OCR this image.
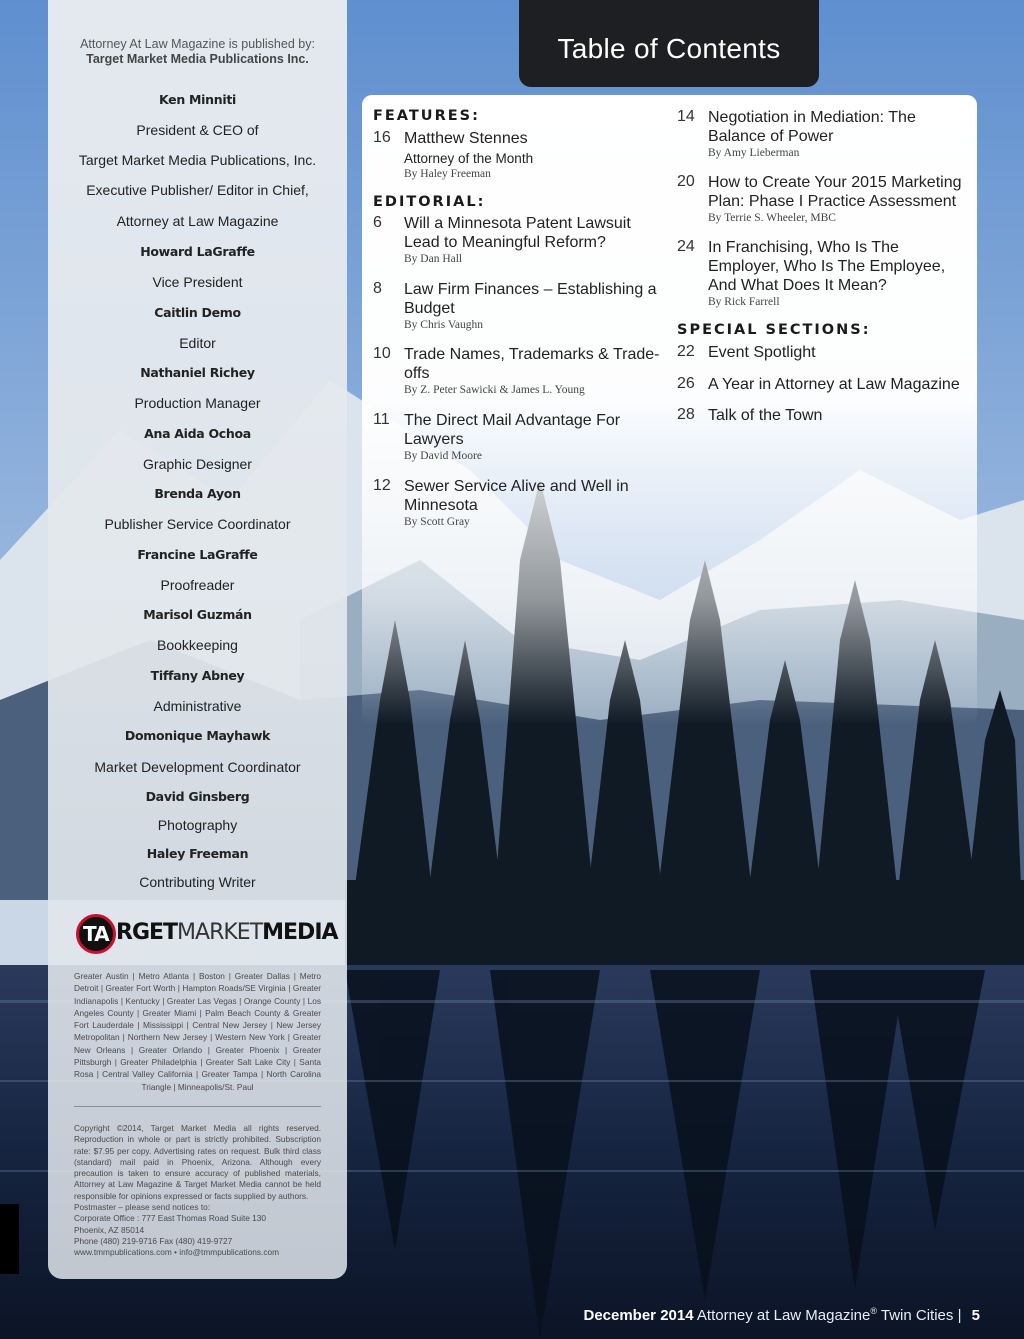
Attorney At Law Magazine is published by:
Target Market Media Publications Inc.
Ken Minniti
President & CEO of
Target Market Media Publications, Inc.
Executive Publisher/ Editor in Chief,
Attorney at Law Magazine
Howard LaGraffe
Vice President
Caitlin Demo
Editor
Nathaniel Richey
Production Manager
Ana Aida Ochoa
Graphic Designer
Brenda Ayon
Publisher Service Coordinator
Francine LaGraffe
Proofreader
Marisol Guzmán
Bookkeeping
Tiffany Abney
Administrative
Domonique Mayhawk
Market Development Coordinator
David Ginsberg
Photography
Haley Freeman
Contributing Writer
TA RGETMARKETMEDIA
Greater Austin | Metro Atlanta | Boston | Greater Dallas | Metro Detroit | Greater Fort Worth | Hampton Roads/SE Virginia | Greater Indianapolis | Kentucky | Greater Las Vegas | Orange County | Los Angeles County | Greater Miami | Palm Beach County & Greater Fort Lauderdale | Mississippi | Central New Jersey | New Jersey Metropolitan | Northern New Jersey | Western New York | Greater New Orleans | Greater Orlando | Greater Phoenix | Greater Pittsburgh | Greater Philadelphia | Greater Salt Lake City | Santa Rosa | Central Valley California | Greater Tampa | North Carolina Triangle | Minneapolis/St. Paul
Copyright ©2014, Target Market Media all rights reserved. Reproduction in whole or part is strictly prohibited. Subscription rate: $7.95 per copy. Advertising rates on request. Bulk third class (standard) mail paid in Phoenix, Arizona. Although every precaution is taken to ensure accuracy of published materials, Attorney at Law Magazine & Target Market Media cannot be held responsible for opinions expressed or facts supplied by authors.
Postmaster – please send notices to:
Corporate Office : 777 East Thomas Road Suite 130
Phoenix, AZ 85014
Phone (480) 219-9716 Fax (480) 419-9727
www.tmmpublications.com • info@tmmpublications.com
Table of Contents
FEATURES:
EDITORIAL:
SPECIAL SECTIONS:
16 Matthew Stennes
Attorney of the Month
By Haley Freeman
6 Will a Minnesota Patent Lawsuit Lead to Meaningful Reform?
By Dan Hall
8 Law Firm Finances – Establishing a Budget
By Chris Vaughn
10 Trade Names, Trademarks & Trade-offs
By Z. Peter Sawicki & James L. Young
11 The Direct Mail Advantage For Lawyers
By David Moore
12 Sewer Service Alive and Well in Minnesota
By Scott Gray
14 Negotiation in Mediation: The Balance of Power
By Amy Lieberman
20 How to Create Your 2015 Marketing Plan: Phase I Practice Assessment
By Terrie S. Wheeler, MBC
24 In Franchising, Who Is The Employer, Who Is The Employee, And What Does It Mean?
By Rick Farrell
22 Event Spotlight
26 A Year in Attorney at Law Magazine
28 Talk of the Town
December 2014 Attorney at Law Magazine® Twin Cities | 5
